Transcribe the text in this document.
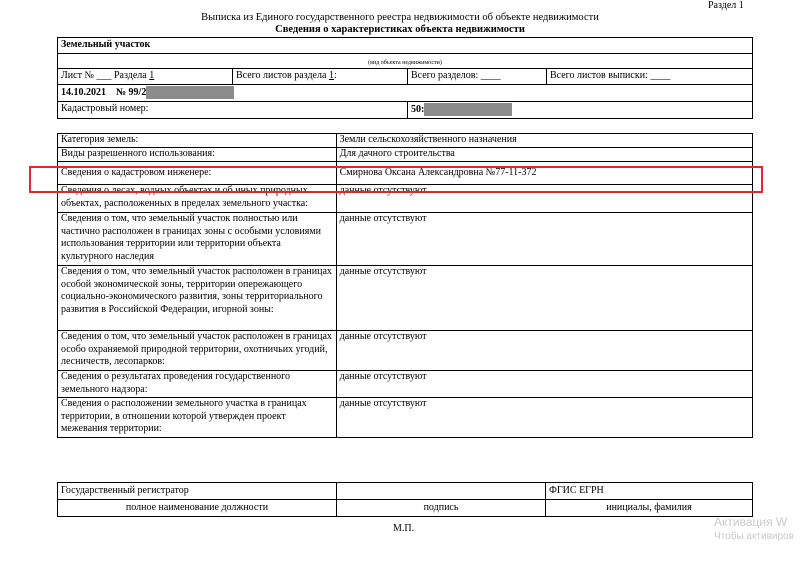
Раздел 1
Выписка из Единого государственного реестра недвижимости об объекте недвижимости
Сведения о характеристиках объекта недвижимости
Земельный участок			
(вид объекта недвижимости)			
Лист № ___ Раздела 1	Всего листов раздела 1:	Всего разделов: ____	Всего листов выписки: ____
14.10.2021 № 99/2			
Кадастровый номер:		50:	
Категория земель:	Земли сельскохозяйственного назначения
Виды разрешенного использования:	Для дачного строительства
Сведения о кадастровом инженере:	Смирнова Оксана Александровна №77-11-372
Сведения о лесах, водных объектах и об иных природных объектах, расположенных в пределах земельного участка:	данные отсутствуют
Сведения о том, что земельный участок полностью или частично расположен в границах зоны с особыми условиями использования территории или территории объекта культурного наследия	данные отсутствуют
Сведения о том, что земельный участок расположен в границах особой экономической зоны, территории опережающего социально-экономического развития, зоны территориального развития в Российской Федерации, игорной зоны:	данные отсутствуют
Сведения о том, что земельный участок расположен в границах особо охраняемой природной территории, охотничьих угодий, лесничеств, лесопарков:	данные отсутствуют
Сведения о результатах проведения государственного земельного надзора:	данные отсутствуют
Сведения о расположении земельного участка в границах территории, в отношении которой утвержден проект межевания территории:	данные отсутствуют
Государственный регистратор		ФГИС ЕГРН
полное наименование должности	подпись	инициалы, фамилия
М.П.	Активация W
Чтобы активиров
